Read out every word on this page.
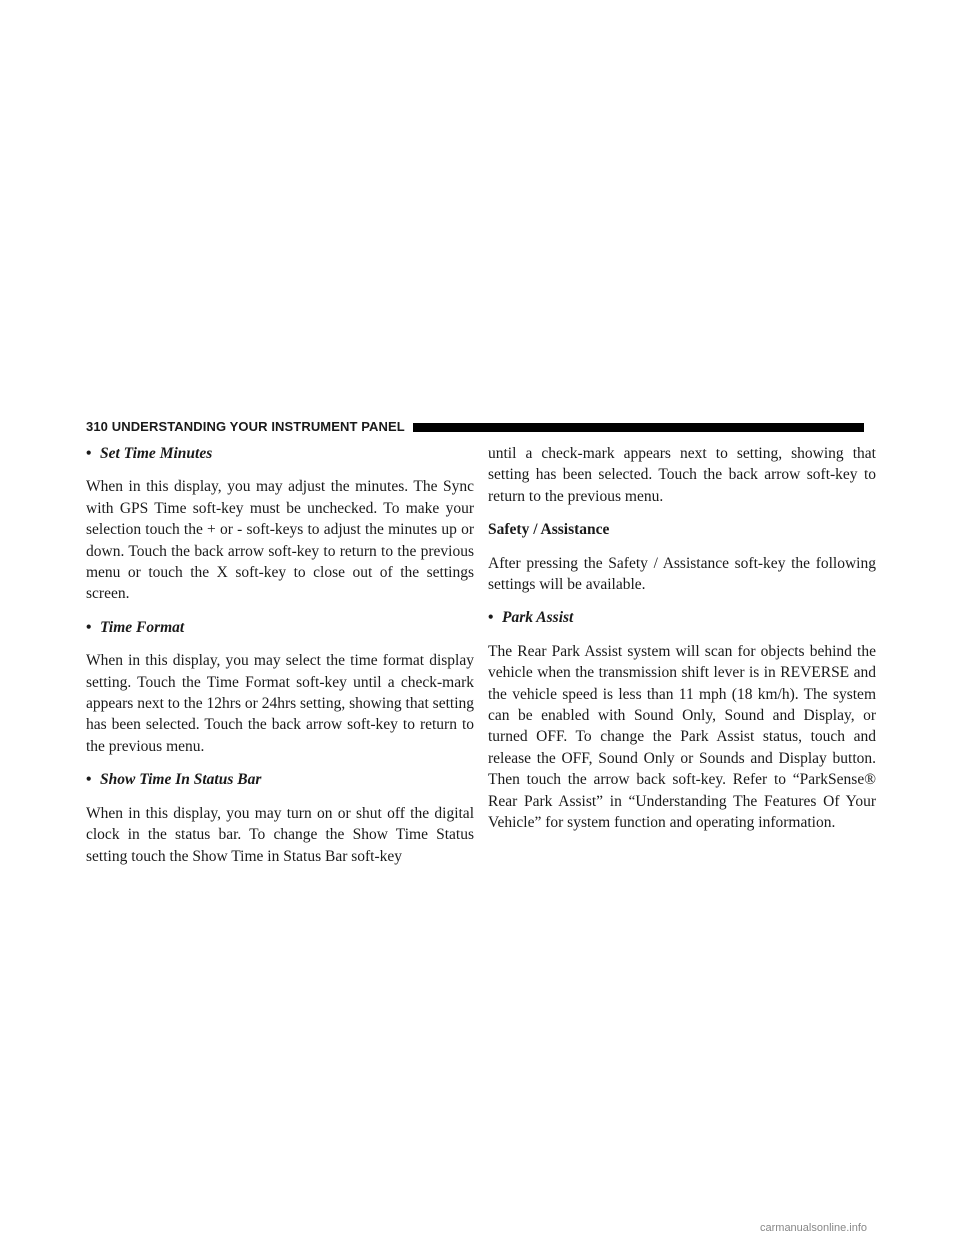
310 UNDERSTANDING YOUR INSTRUMENT PANEL

• Set Time Minutes

When in this display, you may adjust the minutes. The Sync with GPS Time soft-key must be unchecked. To make your selection touch the + or - soft-keys to adjust the minutes up or down. Touch the back arrow soft-key to return to the previous menu or touch the X soft-key to close out of the settings screen.

• Time Format

When in this display, you may select the time format display setting. Touch the Time Format soft-key until a check-mark appears next to the 12hrs or 24hrs setting, showing that setting has been selected. Touch the back arrow soft-key to return to the previous menu.

• Show Time In Status Bar

When in this display, you may turn on or shut off the digital clock in the status bar. To change the Show Time Status setting touch the Show Time in Status Bar soft-key

until a check-mark appears next to setting, showing that setting has been selected. Touch the back arrow soft-key to return to the previous menu.

Safety / Assistance

After pressing the Safety / Assistance soft-key the following settings will be available.

• Park Assist

The Rear Park Assist system will scan for objects behind the vehicle when the transmission shift lever is in REVERSE and the vehicle speed is less than 11 mph (18 km/h). The system can be enabled with Sound Only, Sound and Display, or turned OFF. To change the Park Assist status, touch and release the OFF, Sound Only or Sounds and Display button. Then touch the arrow back soft-key. Refer to “ParkSense® Rear Park Assist” in “Understanding The Features Of Your Vehicle” for system function and operating information.

carmanualsonline.info
